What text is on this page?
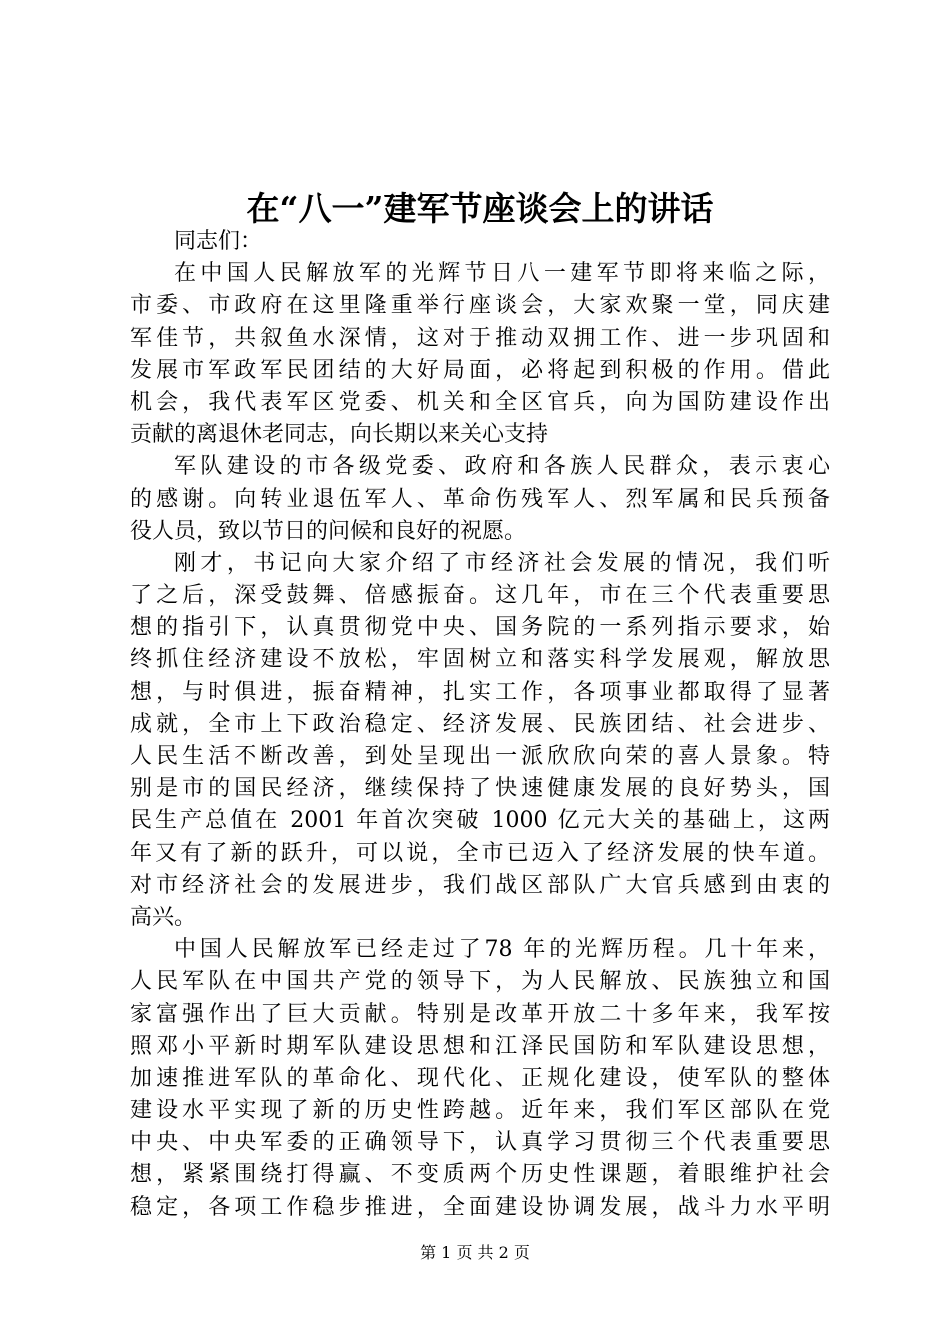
在“八一”建军节座谈会上的讲话
同志们：
在中国人民解放军的光辉节日八一建军节即将来临之际，
市委、市政府在这里隆重举行座谈会，大家欢聚一堂，同庆建
军佳节，共叙鱼水深情，这对于推动双拥工作、进一步巩固和
发展市军政军民团结的大好局面，必将起到积极的作用。借此
机会，我代表军区党委、机关和全区官兵，向为国防建设作出
贡献的离退休老同志，向长期以来关心支持
军队建设的市各级党委、政府和各族人民群众，表示衷心
的感谢。向转业退伍军人、革命伤残军人、烈军属和民兵预备
役人员，致以节日的问候和良好的祝愿。
刚才，书记向大家介绍了市经济社会发展的情况，我们听
了之后，深受鼓舞、倍感振奋。这几年，市在三个代表重要思
想的指引下，认真贯彻党中央、国务院的一系列指示要求，始
终抓住经济建设不放松，牢固树立和落实科学发展观，解放思
想，与时俱进，振奋精神，扎实工作，各项事业都取得了显著
成就，全市上下政治稳定、经济发展、民族团结、社会进步、
人民生活不断改善，到处呈现出一派欣欣向荣的喜人景象。特
别是市的国民经济，继续保持了快速健康发展的良好势头，国
民生产总值在 2001 年首次突破 1000 亿元大关的基础上，这两
年又有了新的跃升，可以说，全市已迈入了经济发展的快车道。
对市经济社会的发展进步，我们战区部队广大官兵感到由衷的
高兴。
中国人民解放军已经走过了78 年的光辉历程。几十年来，
人民军队在中国共产党的领导下，为人民解放、民族独立和国
家富强作出了巨大贡献。特别是改革开放二十多年来，我军按
照邓小平新时期军队建设思想和江泽民国防和军队建设思想，
加速推进军队的革命化、现代化、正规化建设，使军队的整体
建设水平实现了新的历史性跨越。近年来，我们军区部队在党
中央、中央军委的正确领导下，认真学习贯彻三个代表重要思
想，紧紧围绕打得赢、不变质两个历史性课题，着眼维护社会
稳定，各项工作稳步推进，全面建设协调发展，战斗力水平明
第 1 页 共 2 页
